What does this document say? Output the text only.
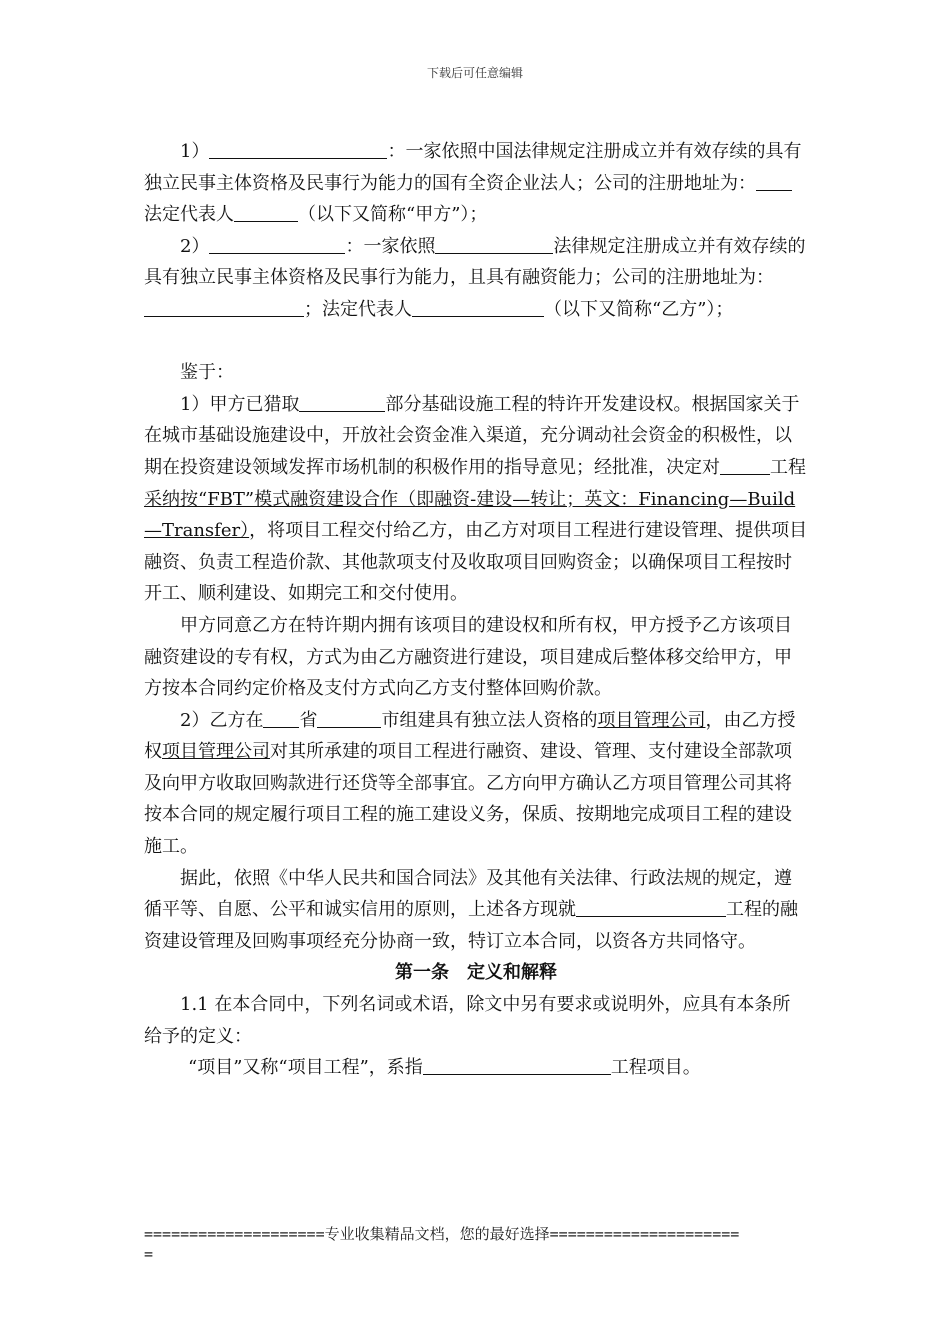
下载后可任意编辑

1）	：一家依照中国法律规定注册成立并有效存续的具有独立民事主体资格及民事行为能力的国有全资企业法人；公司的注册地址为： 法定代表人	（以下又简称“甲方”）；

2）	：一家依照	法律规定注册成立并有效存续的具有独立民事主体资格及民事行为能力，且具有融资能力；公司的注册地址为：；法定代表人	（以下又简称“乙方”）；

鉴于：

1）甲方已猎取	部分基础设施工程的特许开发建设权。根据国家关于在城市基础设施建设中，开放社会资金准入渠道，充分调动社会资金的积极性，以期在投资建设领域发挥市场机制的积极作用的指导意见；经批准，决定对	工程采纳按“FBT”模式融资建设合作（即融资-建设—转让；英文：Financing—Build—Transfer），将项目工程交付给乙方，由乙方对项目工程进行建设管理、提供项目融资、负责工程造价款、其他款项支付及收取项目回购资金；以确保项目工程按时开工、顺利建设、如期完工和交付使用。

甲方同意乙方在特许期内拥有该项目的建设权和所有权，甲方授予乙方该项目融资建设的专有权，方式为由乙方融资进行建设，项目建成后整体移交给甲方，甲方按本合同约定价格及支付方式向乙方支付整体回购价款。

2）乙方在 省	市组建具有独立法人资格的项目管理公司，由乙方授权项目管理公司对其所承建的项目工程进行融资、建设、管理、支付建设全部款项及向甲方收取回购款进行还贷等全部事宜。乙方向甲方确认乙方项目管理公司其将按本合同的规定履行项目工程的施工建设义务，保质、按期地完成项目工程的建设施工。

据此，依照《中华人民共和国合同法》及其他有关法律、行政法规的规定，遵循平等、自愿、公平和诚实信用的原则，上述各方现就	工程的融资建设管理及回购事项经充分协商一致，特订立本合同，以资各方共同恪守。

第一条 定义和解释

1.1 在本合同中，下列名词或术语，除文中另有要求或说明外，应具有本条所给予的定义：

“项目”又称“项目工程”，系指	工程项目。

====================专业收集精品文档，您的最好选择=====================
=
